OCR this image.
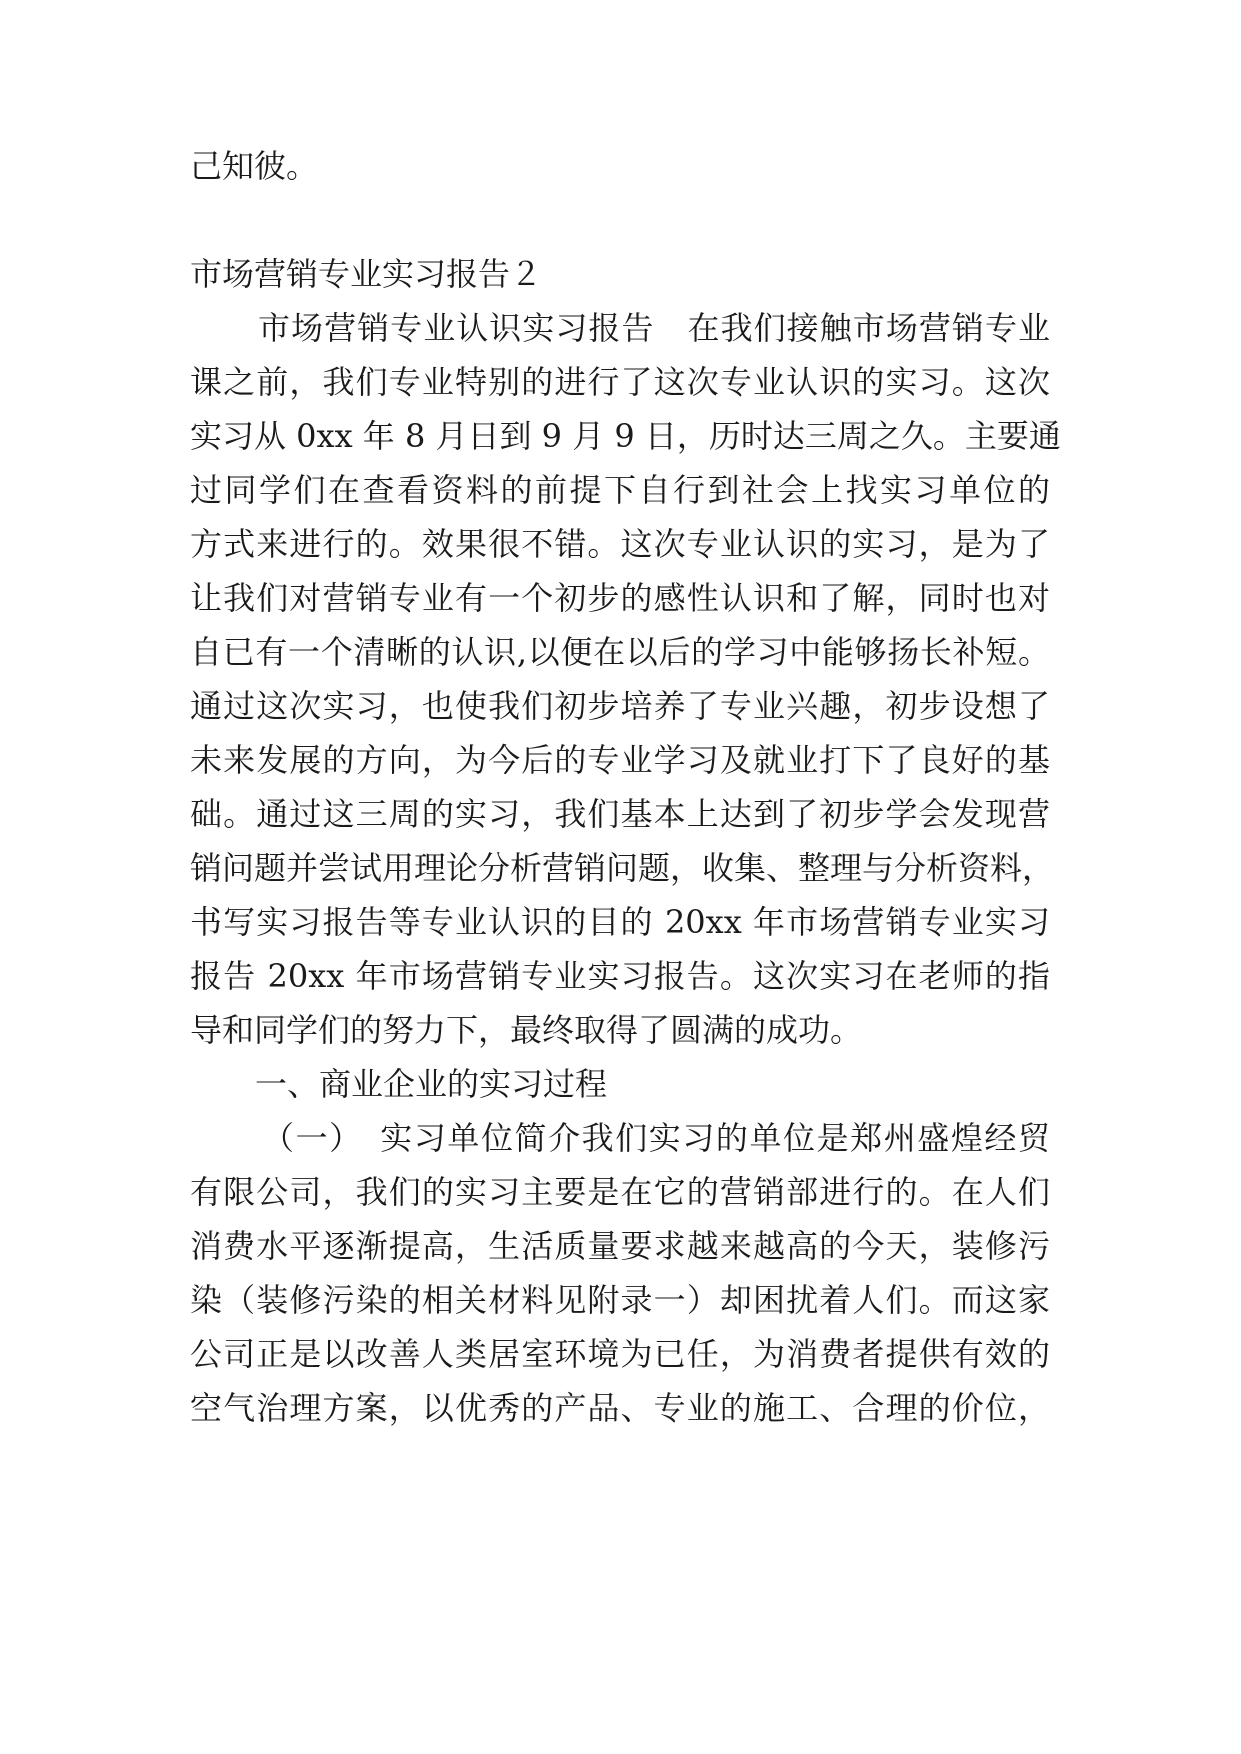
己知彼。
市场营销专业实习报告２
市场营销专业认识实习报告　在我们接触市场营销专业
课之前，我们专业特别的进行了这次专业认识的实习。这次
实习从 0xx 年 8 月日到 9 月 9 日，历时达三周之久。主要通
过同学们在查看资料的前提下自行到社会上找实习单位的
方式来进行的。效果很不错。这次专业认识的实习，是为了
让我们对营销专业有一个初步的感性认识和了解，同时也对
自已有一个清晰的认识,以便在以后的学习中能够扬长补短。
通过这次实习，也使我们初步培养了专业兴趣，初步设想了
未来发展的方向，为今后的专业学习及就业打下了良好的基
础。通过这三周的实习，我们基本上达到了初步学会发现营
销问题并尝试用理论分析营销问题，收集、整理与分析资料，
书写实习报告等专业认识的目的 20xx 年市场营销专业实习
报告 20xx 年市场营销专业实习报告。这次实习在老师的指
导和同学们的努力下，最终取得了圆满的成功。
一、商业企业的实习过程
（一）　实习单位简介我们实习的单位是郑州盛煌经贸
有限公司，我们的实习主要是在它的营销部进行的。在人们
消费水平逐渐提高，生活质量要求越来越高的今天，装修污
染（装修污染的相关材料见附录一）却困扰着人们。而这家
公司正是以改善人类居室环境为已任，为消费者提供有效的
空气治理方案，以优秀的产品、专业的施工、合理的价位，
